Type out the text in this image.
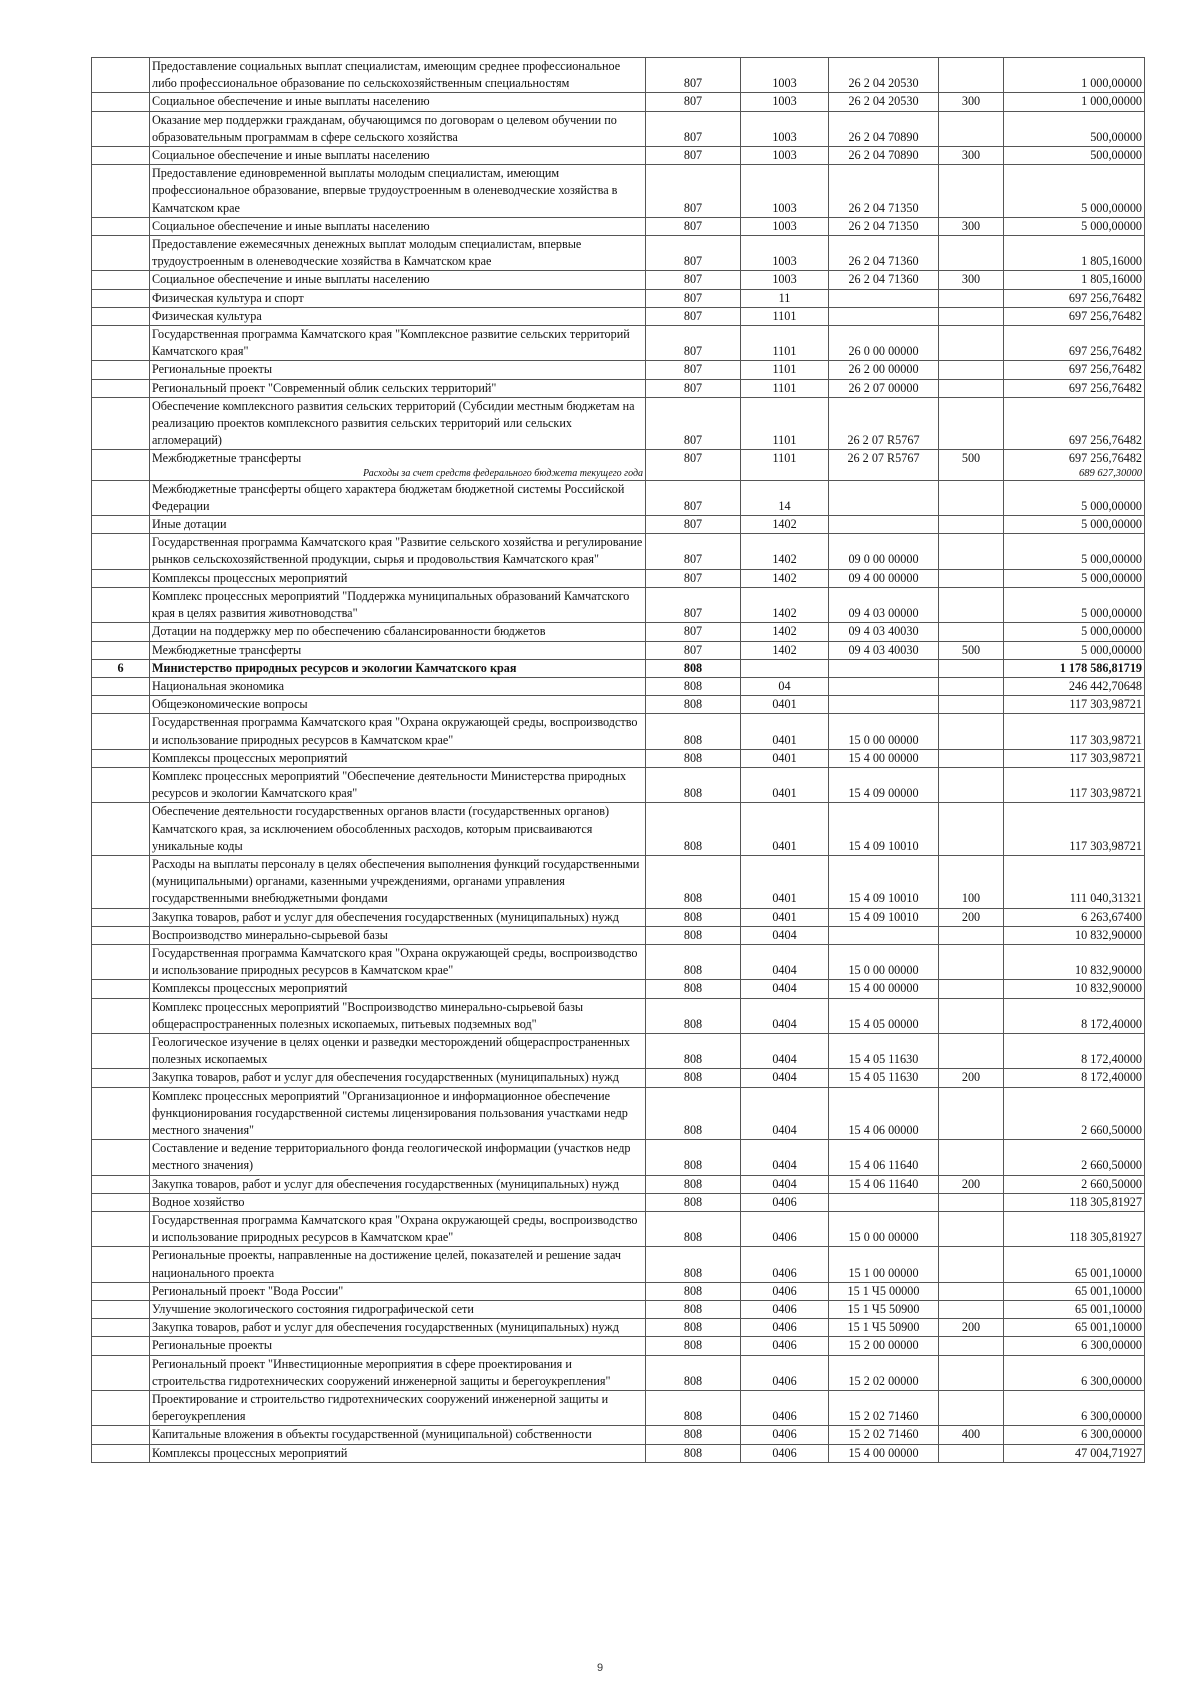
	Предоставление социальных выплат специалистам, имеющим среднее профессиональное либо профессиональное образование по сельскохозяйственным специальностям	807	1003	26 2 04 20530		1 000,00000
	Социальное обеспечение и иные выплаты населению	807	1003	26 2 04 20530	300	1 000,00000
	Оказание мер поддержки гражданам, обучающимся по договорам о целевом обучении по образовательным программам в сфере сельского хозяйства	807	1003	26 2 04 70890		500,00000
	Социальное обеспечение и иные выплаты населению	807	1003	26 2 04 70890	300	500,00000
	Предоставление единовременной выплаты молодым специалистам, имеющим профессиональное образование, впервые трудоустроенным в оленеводческие хозяйства в Камчатском крае	807	1003	26 2 04 71350		5 000,00000
	Социальное обеспечение и иные выплаты населению	807	1003	26 2 04 71350	300	5 000,00000
	Предоставление ежемесячных денежных выплат молодым специалистам, впервые трудоустроенным в оленеводческие хозяйства в Камчатском крае	807	1003	26 2 04 71360		1 805,16000
	Социальное обеспечение и иные выплаты населению	807	1003	26 2 04 71360	300	1 805,16000
	Физическая культура и спорт	807	11			697 256,76482
	Физическая культура	807	1101			697 256,76482
	Государственная программа Камчатского края "Комплексное развитие сельских территорий Камчатского края"	807	1101	26 0 00 00000		697 256,76482
	Региональные проекты	807	1101	26 2 00 00000		697 256,76482
	Региональный проект "Современный облик сельских территорий"	807	1101	26 2 07 00000		697 256,76482
	Обеспечение комплексного развития сельских территорий (Субсидии местным бюджетам на реализацию проектов комплексного развития сельских территорий или сельских агломераций)	807	1101	26 2 07 R5767		697 256,76482
	Межбюджетные трансферты	807	1101	26 2 07 R5767	500	697 256,76482
	Расходы за счет средств федерального бюджета текущего года					689 627,30000
	Межбюджетные трансферты общего характера бюджетам бюджетной системы Российской Федерации	807	14			5 000,00000
	Иные дотации	807	1402			5 000,00000
	Государственная программа Камчатского края "Развитие сельского хозяйства и регулирование рынков сельскохозяйственной продукции, сырья и продовольствия Камчатского края"	807	1402	09 0 00 00000		5 000,00000
	Комплексы процессных мероприятий	807	1402	09 4 00 00000		5 000,00000
	Комплекс процессных мероприятий "Поддержка муниципальных образований Камчатского края в целях развития животноводства"	807	1402	09 4 03 00000		5 000,00000
	Дотации на поддержку мер по обеспечению сбалансированности бюджетов	807	1402	09 4 03 40030		5 000,00000
	Межбюджетные трансферты	807	1402	09 4 03 40030	500	5 000,00000
6	Министерство природных ресурсов и экологии Камчатского края	808				1 178 586,81719
	Национальная экономика	808	04			246 442,70648
	Общеэкономические вопросы	808	0401			117 303,98721
	Государственная программа Камчатского края "Охрана окружающей среды, воспроизводство и использование природных ресурсов в Камчатском крае"	808	0401	15 0 00 00000		117 303,98721
	Комплексы процессных мероприятий	808	0401	15 4 00 00000		117 303,98721
	Комплекс процессных мероприятий "Обеспечение деятельности Министерства природных ресурсов и экологии Камчатского края"	808	0401	15 4 09 00000		117 303,98721
	Обеспечение деятельности государственных органов власти (государственных органов) Камчатского края, за исключением обособленных расходов, которым присваиваются уникальные коды	808	0401	15 4 09 10010		117 303,98721
	Расходы на выплаты персоналу в целях обеспечения выполнения функций государственными (муниципальными) органами, казенными учреждениями, органами управления государственными внебюджетными фондами	808	0401	15 4 09 10010	100	111 040,31321
	Закупка товаров, работ и услуг для обеспечения государственных (муниципальных) нужд	808	0401	15 4 09 10010	200	6 263,67400
	Воспроизводство минерально-сырьевой базы	808	0404			10 832,90000
	Государственная программа Камчатского края "Охрана окружающей среды, воспроизводство и использование природных ресурсов в Камчатском крае"	808	0404	15 0 00 00000		10 832,90000
	Комплексы процессных мероприятий	808	0404	15 4 00 00000		10 832,90000
	Комплекс процессных мероприятий "Воспроизводство минерально-сырьевой базы общераспространенных полезных ископаемых, питьевых подземных вод"	808	0404	15 4 05 00000		8 172,40000
	Геологическое изучение в целях оценки и разведки месторождений общераспространенных полезных ископаемых	808	0404	15 4 05 11630		8 172,40000
	Закупка товаров, работ и услуг для обеспечения государственных (муниципальных) нужд	808	0404	15 4 05 11630	200	8 172,40000
	Комплекс процессных мероприятий "Организационное и информационное обеспечение функционирования государственной системы лицензирования пользования участками недр местного значения"	808	0404	15 4 06 00000		2 660,50000
	Составление и ведение территориального фонда геологической информации (участков недр местного значения)	808	0404	15 4 06 11640		2 660,50000
	Закупка товаров, работ и услуг для обеспечения государственных (муниципальных) нужд	808	0404	15 4 06 11640	200	2 660,50000
	Водное хозяйство	808	0406			118 305,81927
	Государственная программа Камчатского края "Охрана окружающей среды, воспроизводство и использование природных ресурсов в Камчатском крае"	808	0406	15 0 00 00000		118 305,81927
	Региональные проекты, направленные на достижение целей, показателей и решение задач национального проекта	808	0406	15 1 00 00000		65 001,10000
	Региональный проект "Вода России"	808	0406	15 1 Ч5 00000		65 001,10000
	Улучшение экологического состояния гидрографической сети	808	0406	15 1 Ч5 50900		65 001,10000
	Закупка товаров, работ и услуг для обеспечения государственных (муниципальных) нужд	808	0406	15 1 Ч5 50900	200	65 001,10000
	Региональные проекты	808	0406	15 2 00 00000		6 300,00000
	Региональный проект "Инвестиционные мероприятия в сфере проектирования и строительства гидротехнических сооружений инженерной защиты и берегоукрепления"	808	0406	15 2 02 00000		6 300,00000
	Проектирование и строительство гидротехнических сооружений инженерной защиты и берегоукрепления	808	0406	15 2 02 71460		6 300,00000
	Капитальные вложения в объекты государственной (муниципальной) собственности	808	0406	15 2 02 71460	400	6 300,00000
	Комплексы процессных мероприятий	808	0406	15 4 00 00000		47 004,71927
9
